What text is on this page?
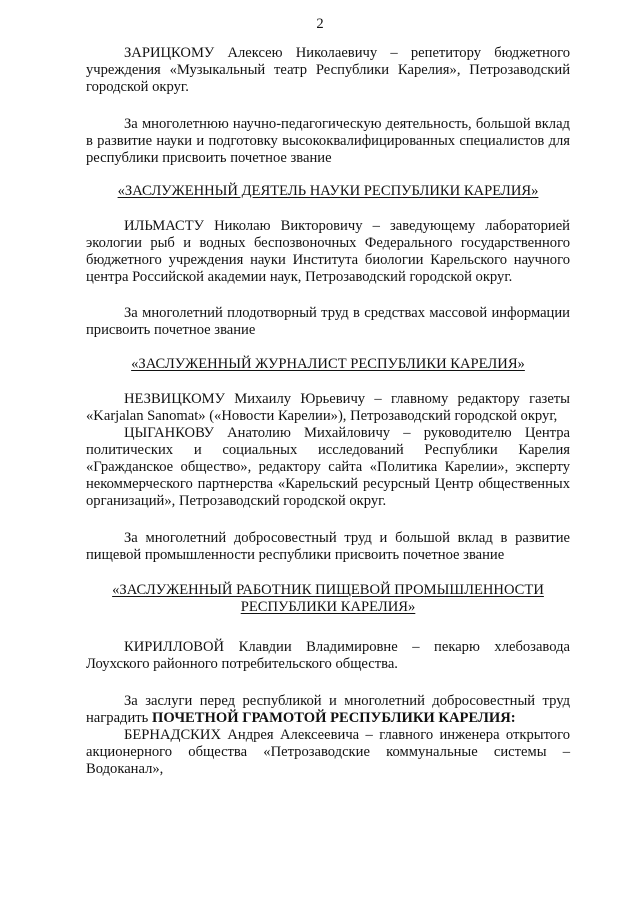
2

ЗАРИЦКОМУ Алексею Николаевичу – репетитору бюджетного учреждения «Музыкальный театр Республики Карелия», Петрозаводский городской округ.

За многолетнюю научно-педагогическую деятельность, большой вклад в развитие науки и подготовку высококвалифицированных специалистов для республики присвоить почетное звание

«ЗАСЛУЖЕННЫЙ ДЕЯТЕЛЬ НАУКИ РЕСПУБЛИКИ КАРЕЛИЯ»

ИЛЬМАСТУ Николаю Викторовичу – заведующему лабораторией экологии рыб и водных беспозвоночных Федерального государственного бюджетного учреждения науки Института биологии Карельского научного центра Российской академии наук, Петрозаводский городской округ.

За многолетний плодотворный труд в средствах массовой информации присвоить почетное звание

«ЗАСЛУЖЕННЫЙ ЖУРНАЛИСТ РЕСПУБЛИКИ КАРЕЛИЯ»

НЕЗВИЦКОМУ Михаилу Юрьевичу – главному редактору газеты «Karjalan Sanomat» («Новости Карелии»), Петрозаводский городской округ,

ЦЫГАНКОВУ Анатолию Михайловичу – руководителю Центра политических и социальных исследований Республики Карелия «Гражданское общество», редактору сайта «Политика Карелии», эксперту некоммерческого партнерства «Карельский ресурсный Центр общественных организаций», Петрозаводский городской округ.

За многолетний добросовестный труд и большой вклад в развитие пищевой промышленности республики присвоить почетное звание

«ЗАСЛУЖЕННЫЙ РАБОТНИК ПИЩЕВОЙ ПРОМЫШЛЕННОСТИ

РЕСПУБЛИКИ КАРЕЛИЯ»

КИРИЛЛОВОЙ Клавдии Владимировне – пекарю хлебозавода Лоухского районного потребительского общества.

За заслуги перед республикой и многолетний добросовестный труд наградить ПОЧЕТНОЙ ГРАМОТОЙ РЕСПУБЛИКИ КАРЕЛИЯ:

БЕРНАДСКИХ Андрея Алексеевича – главного инженера открытого акционерного общества «Петрозаводские коммунальные системы – Водоканал»,
